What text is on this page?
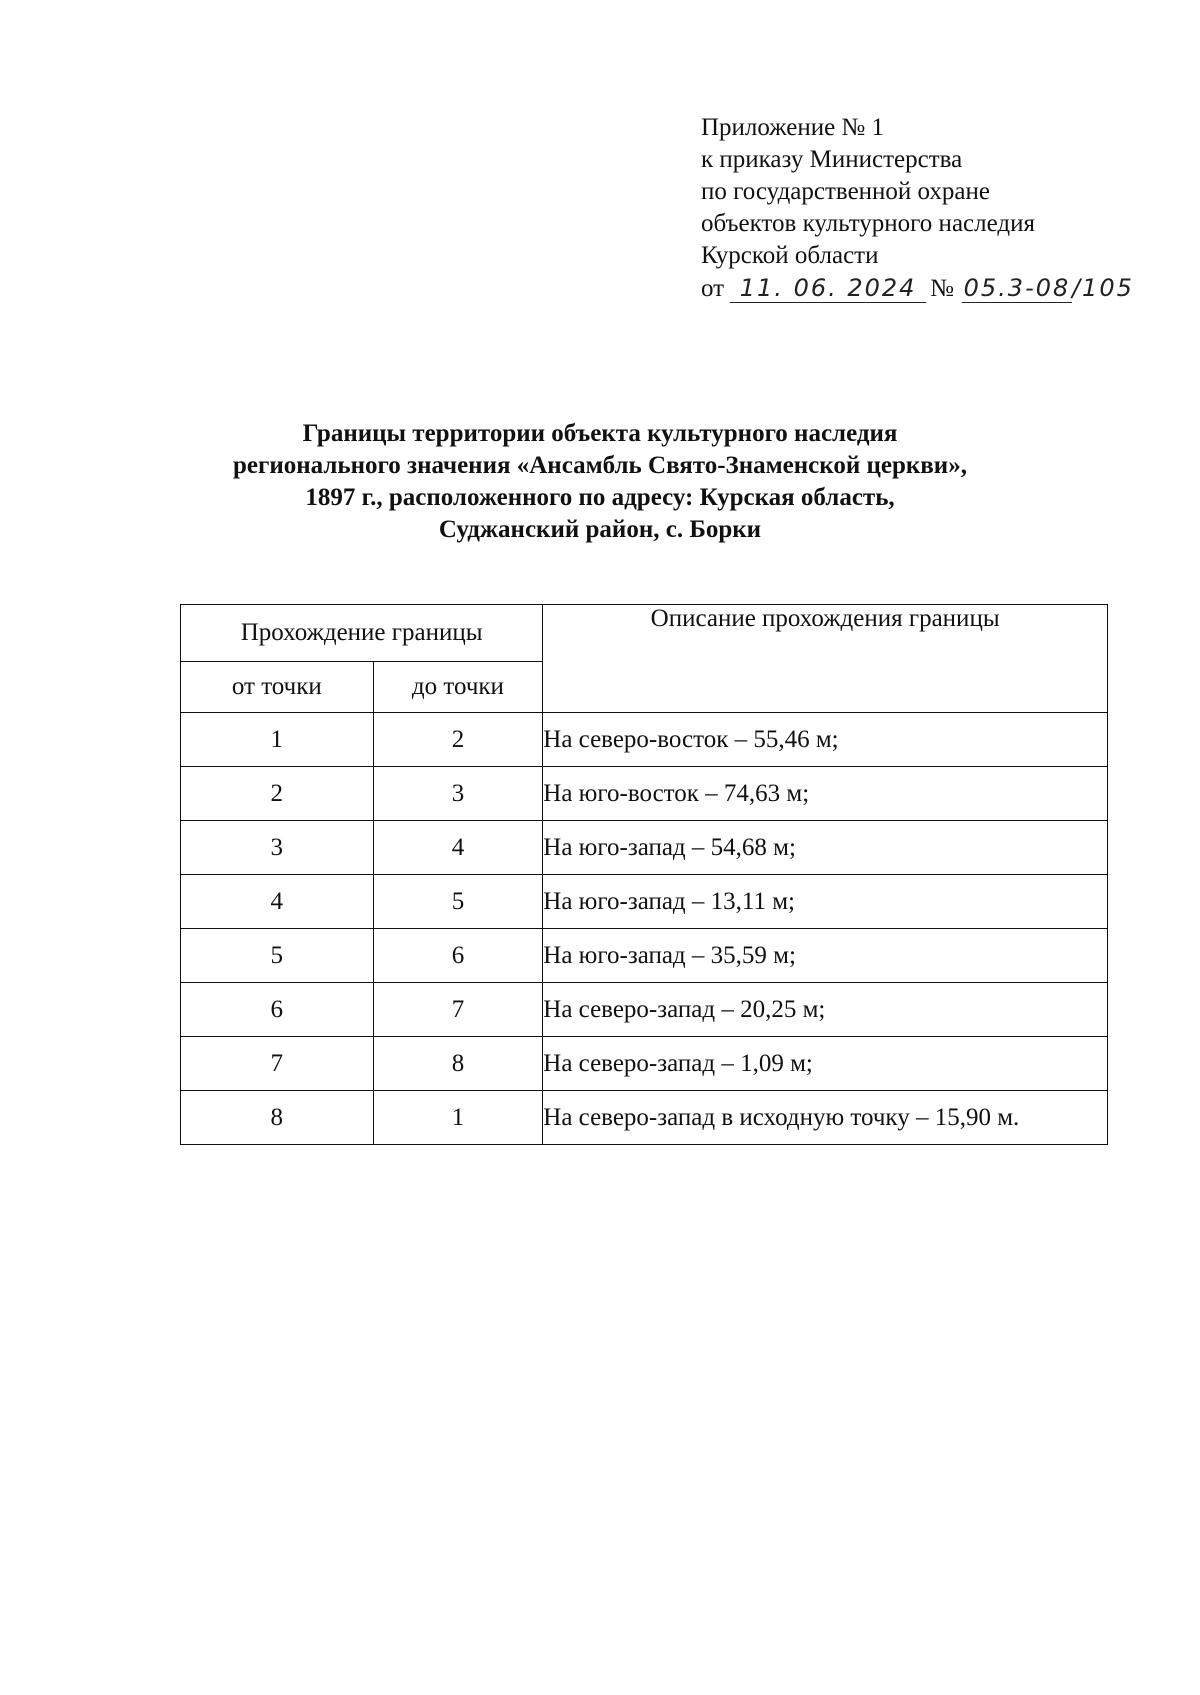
Приложение № 1
к приказу Министерства
по государственной охране
объектов культурного наследия
Курской области
от 11. 06. 2024 № 05.3-08/105
Границы территории объекта культурного наследия
регионального значения «Ансамбль Свято-Знаменской церкви»,
1897 г., расположенного по адресу: Курская область,
Суджанский район, с. Борки
Прохождение границы		Описание прохождения границы
от точки	до точки	
1	2	На северо-восток – 55,46 м;
2	3	На юго-восток – 74,63 м;
3	4	На юго-запад – 54,68 м;
4	5	На юго-запад – 13,11 м;
5	6	На юго-запад – 35,59 м;
6	7	На северо-запад – 20,25 м;
7	8	На северо-запад – 1,09 м;
8	1	На северо-запад в исходную точку – 15,90 м.
